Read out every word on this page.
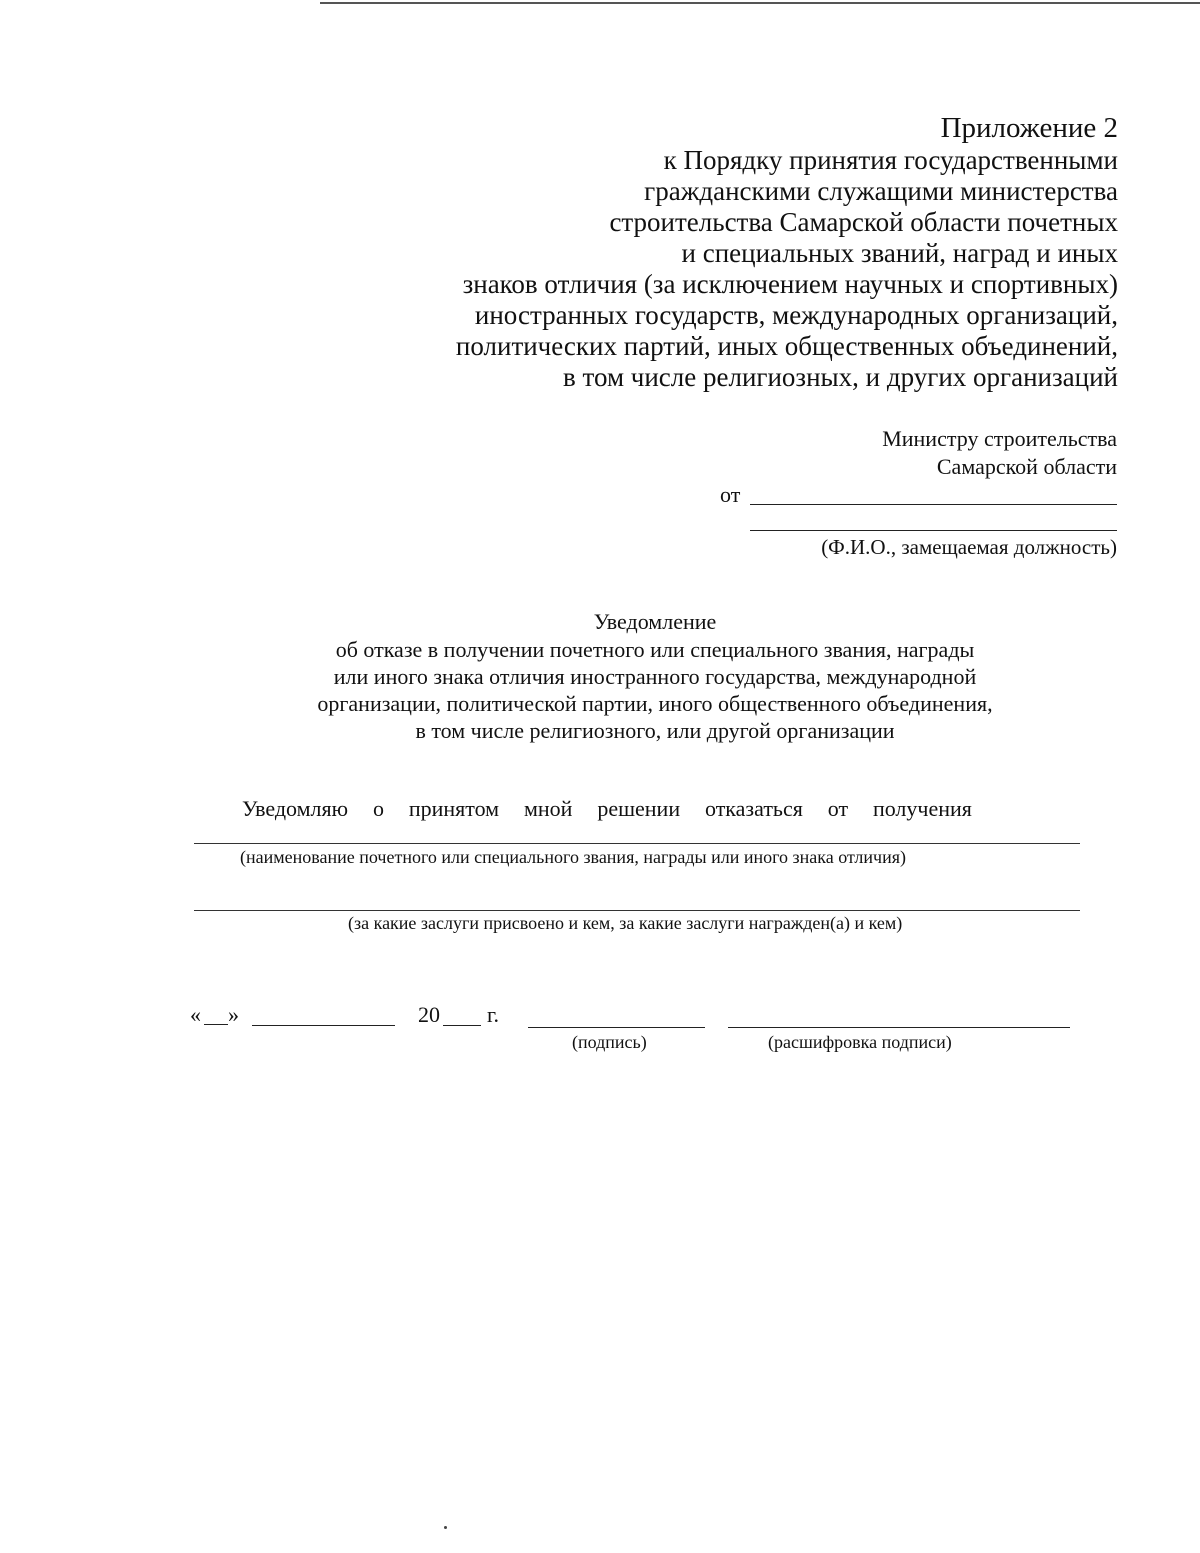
Приложение 2
к Порядку принятия государственными
гражданскими служащими министерства
строительства Самарской области почетных
и специальных званий, наград и иных
знаков отличия (за исключением научных и спортивных)
иностранных государств, международных организаций,
политических партий, иных общественных объединений,
в том числе религиозных, и других организаций
Министру строительства
Самарской области
от
(Ф.И.О., замещаемая должность)
Уведомление
об отказе в получении почетного или специального звания, награды
или иного знака отличия иностранного государства, международной
организации, политической партии, иного общественного объединения,
в том числе религиозного, или другой организации
Уведомляю о принятом мной решении отказаться от получения
(наименование почетного или специального звания, награды или иного знака отличия)
(за какие заслуги присвоено и кем, за какие заслуги награжден(а) и кем)
« »	20 г.
(подпись)	(расшифровка подписи)
